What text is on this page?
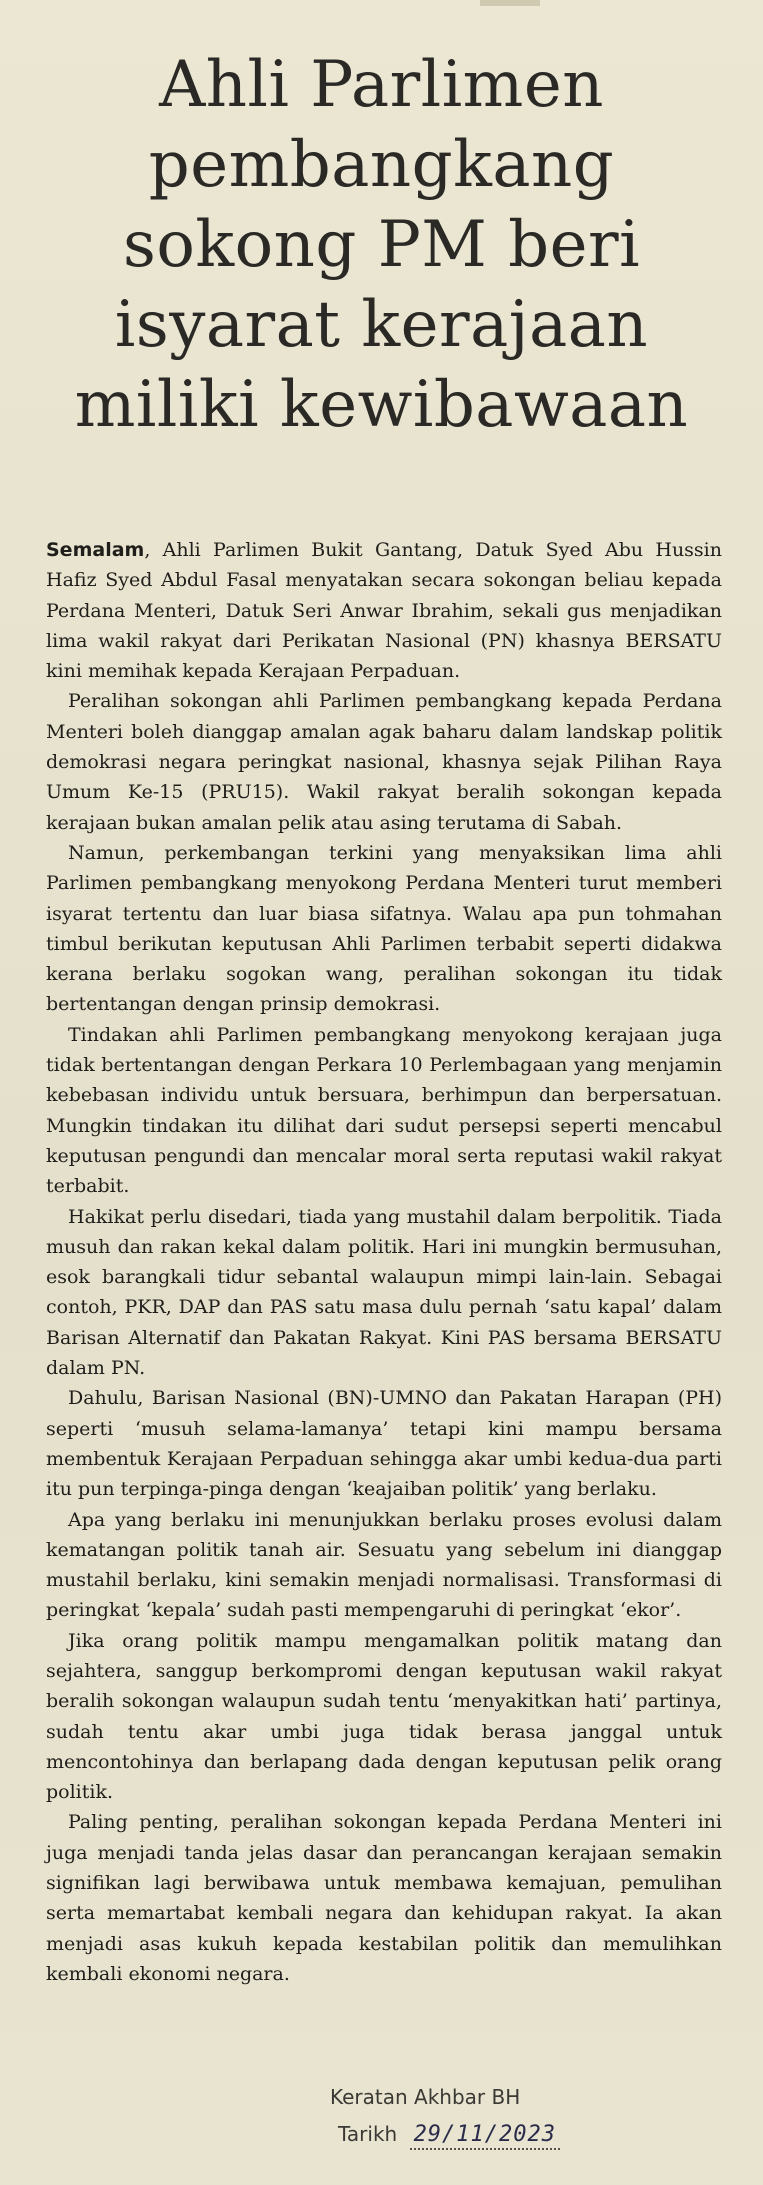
Ahli Parlimen
pembangkang
sokong PM beri
isyarat kerajaan
miliki kewibawaan

Semalam, Ahli Parlimen Bukit Gantang, Datuk Syed Abu Hussin Hafiz Syed Abdul Fasal menyatakan secara sokongan beliau kepada Perdana Menteri, Datuk Seri Anwar Ibrahim, sekali gus menjadikan lima wakil rakyat dari Perikatan Nasional (PN) khasnya BERSATU kini memihak kepada Kerajaan Perpaduan.

Peralihan sokongan ahli Parlimen pembangkang kepada Perdana Menteri boleh dianggap amalan agak baharu dalam landskap politik demokrasi negara peringkat nasional, khasnya sejak Pilihan Raya Umum Ke-15 (PRU15). Wakil rakyat beralih sokongan kepada kerajaan bukan amalan pelik atau asing terutama di Sabah.

Namun, perkembangan terkini yang menyaksikan lima ahli Parlimen pembangkang menyokong Perdana Menteri turut memberi isyarat tertentu dan luar biasa sifatnya. Walau apa pun tohmahan timbul berikutan keputusan Ahli Parlimen terbabit seperti didakwa kerana berlaku sogokan wang, peralihan sokongan itu tidak bertentangan dengan prinsip demokrasi.

Tindakan ahli Parlimen pembangkang menyokong kerajaan juga tidak bertentangan dengan Perkara 10 Perlembagaan yang menjamin kebebasan individu untuk bersuara, berhimpun dan berpersatuan. Mungkin tindakan itu dilihat dari sudut persepsi seperti mencabul keputusan pengundi dan mencalar moral serta reputasi wakil rakyat terbabit.

Hakikat perlu disedari, tiada yang mustahil dalam berpolitik. Tiada musuh dan rakan kekal dalam politik. Hari ini mungkin bermusuhan, esok barangkali tidur sebantal walaupun mimpi lain-lain. Sebagai contoh, PKR, DAP dan PAS satu masa dulu pernah ‘satu kapal’ dalam Barisan Alternatif dan Pakatan Rakyat. Kini PAS bersama BERSATU dalam PN.

Dahulu, Barisan Nasional (BN)-UMNO dan Pakatan Harapan (PH) seperti ‘musuh selama-lamanya’ tetapi kini mampu bersama membentuk Kerajaan Perpaduan sehingga akar umbi kedua-dua parti itu pun terpinga-pinga dengan ‘keajaiban politik’ yang berlaku.

Apa yang berlaku ini menunjukkan berlaku proses evolusi dalam kematangan politik tanah air. Sesuatu yang sebelum ini dianggap mustahil berlaku, kini semakin menjadi normalisasi. Transformasi di peringkat ‘kepala’ sudah pasti mempengaruhi di peringkat ‘ekor’.

Jika orang politik mampu mengamalkan politik matang dan sejahtera, sanggup berkompromi dengan keputusan wakil rakyat beralih sokongan walaupun sudah tentu ‘menyakitkan hati’ partinya, sudah tentu akar umbi juga tidak berasa janggal untuk mencontohinya dan berlapang dada dengan keputusan pelik orang politik.

Paling penting, peralihan sokongan kepada Perdana Menteri ini juga menjadi tanda jelas dasar dan perancangan kerajaan semakin signifikan lagi berwibawa untuk membawa kemajuan, pemulihan serta memartabat kembali negara dan kehidupan rakyat. Ia akan menjadi asas kukuh kepada kestabilan politik dan memulihkan kembali ekonomi negara.

Keratan Akhbar BH
Tarikh 29/11/2023
